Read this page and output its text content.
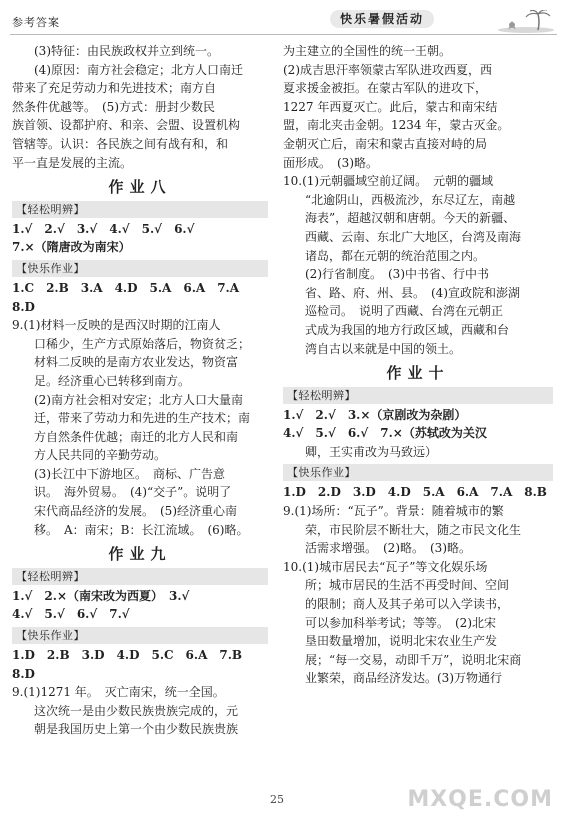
参考答案	快乐暑假活动

(3)特征：由民族政权并立到统一。

(4)原因：南方社会稳定；北方人口南迁

带来了充足劳动力和先进技术；南方自

然条件优越等。　(5)方式：册封少数民

族首领、设都护府、和亲、会盟、设置机构

管辖等。认识：各民族之间有战有和，和

平一直是发展的主流。

作业八
【轻松明辨】

1.√　2.√　3.√　4.√　5.√　6.√

7.×（隋唐改为南宋）

【快乐作业】

1.C　2.B　3.A　4.D　5.A　6.A　7.A　8.D

9.(1)材料一反映的是西汉时期的江南人

口稀少，生产方式原始落后，物资贫乏；

材料二反映的是南方农业发达，物资富

足。经济重心已转移到南方。

(2)南方社会相对安定；北方人口大量南

迁，带来了劳动力和先进的生产技术；南

方自然条件优越；南迁的北方人民和南

方人民共同的辛勤劳动。

(3)长江中下游地区。　商标、广告意

识。　海外贸易。　(4)“交子”。说明了

宋代商品经济的发展。　(5)经济重心南

移。　A：南宋；B：长江流域。　(6)略。

作业九
【轻松明辨】

1.√　2.×（南宋改为西夏）　3.√

4.√　5.√　6.√　7.√

【快乐作业】

1.D　2.B　3.D　4.D　5.C　6.A　7.B　8.D

9.(1)1271 年。　灭亡南宋，统一全国。

这次统一是由少数民族贵族完成的，元

朝是我国历史上第一个由少数民族贵族

为主建立的全国性的统一王朝。

(2)成吉思汗率领蒙古军队进攻西夏，西

夏求援金被拒。在蒙古军队的进攻下，

1227 年西夏灭亡。此后，蒙古和南宋结

盟，南北夹击金朝。1234 年，蒙古灭金。

金朝灭亡后，南宋和蒙古直接对峙的局

面形成。　(3)略。

10.(1)元朝疆域空前辽阔。　元朝的疆域

“北逾阴山，西极流沙，东尽辽左，南越

海表”，超越汉朝和唐朝。今天的新疆、

西藏、云南、东北广大地区，台湾及南海

诸岛，都在元朝的统治范围之内。

(2)行省制度。　(3)中书省、行中书

省、路、府、州、县。　(4)宣政院和澎湖

巡检司。　说明了西藏、台湾在元朝正

式成为我国的地方行政区域，西藏和台

湾自古以来就是中国的领土。

作业十
【轻松明辨】

1.√　2.√　3.×（京剧改为杂剧）

4.√　5.√　6.√　7.×（苏轼改为关汉

卿，王实甫改为马致远）

【快乐作业】

1.D　2.D　3.D　4.D　5.A　6.A　7.A　8.B

9.(1)场所：“瓦子”。背景：随着城市的繁

荣，市民阶层不断壮大，随之市民文化生

活需求增强。　(2)略。　(3)略。

10.(1)城市居民去“瓦子”等文化娱乐场

所；城市居民的生活不再受时间、空间

的限制；商人及其子弟可以入学读书，

可以参加科举考试；等等。　(2)北宋

垦田数量增加，说明北宋农业生产发

展；“每一交易，动即千万”，说明北宋商

业繁荣，商品经济发达。(3)万物通行

25	MXQE.COM
